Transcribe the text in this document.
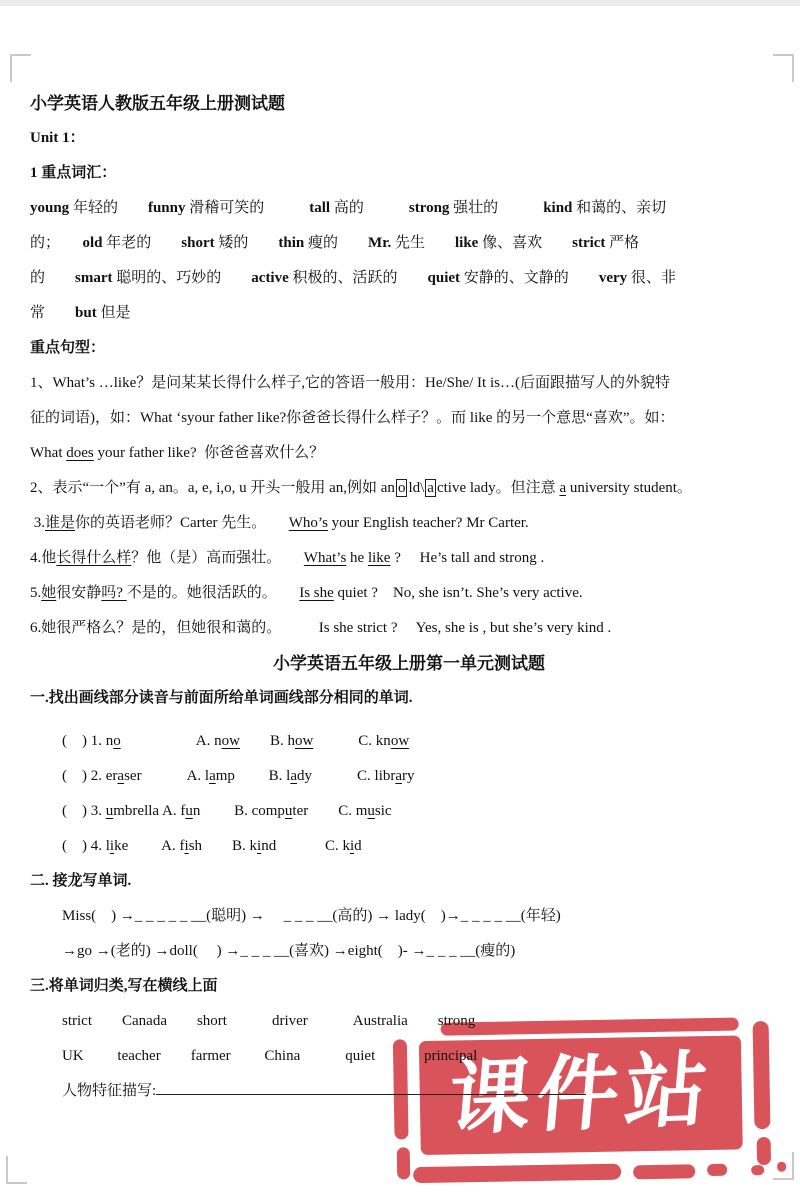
课件站

小学英语人教版五年级上册测试题

Unit 1：

1 重点词汇：

young 年轻的　　funny 滑稽可笑的　　　tall 高的　　　strong 强壮的　　　kind 和蔼的、亲切

的；　　old 年老的　　short 矮的　　thin 瘦的　　Mr. 先生　　like 像、喜欢　　strict 严格

的　　smart 聪明的、巧妙的　　active 积极的、活跃的　　quiet 安静的、文静的　　very 很、非

常　　but 但是

重点句型：

1、What’s …like？是问某某长得什么样子,它的答语一般用：He/She/ It is…(后面跟描写人的外貌特

征的词语)，如：What ‘syour father like?你爸爸长得什么样子？。而 like 的另一个意思“喜欢”。如：

What does your father like?  你爸爸喜欢什么？

2、表示“一个”有 a, an。a, e, i,o, u 开头一般用 an,例如 an o ld\ a ctive lady。但注意 a university student。

3.谁是你的英语老师？Carter 先生。　　Who’s your English teacher? Mr Carter.

4.他长得什么样？他（是）高而强壮。　　What’s he like ?　 He’s tall and strong .

5.她很安静吗? 不是的。她很活跃的。　　Is she quiet ?　No, she isn’t. She’s very active.

6.她很严格么？是的，但她很和蔼的。　　　Is she strict ?　 Yes, she is , but she’s very kind .

小学英语五年级上册第一单元测试题

一.找出画线部分读音与前面所给单词画线部分相同的单词.

(　) 1. no　　　　　A. now　　B. how　　　C. know

(　) 2. eraser　　　A. lamp　　 B. lady　　　C. library

(　) 3. umbrella A. fun　　 B. computer　　C. music

(　) 4. like　　 A. fish　　B. kind　　　 C. kid

二. 接龙写单词.

Miss(　) →_ _ _ _ _ __(聪明) →　 _ _ _ __(高的) → lady(　)→_ _ _ _ __(年轻)

→go →(老的) →doll(　 ) →_ _ _ __(喜欢) →eight(　)- →_ _ _ __(瘦的)

三.将单词归类,写在横线上面

strict　　Canada　　short　　　driver　　　Australia　　strong

UK　　 teacher　　farmer　　 China　　　quiet　　　 principal

人物特征描写:
